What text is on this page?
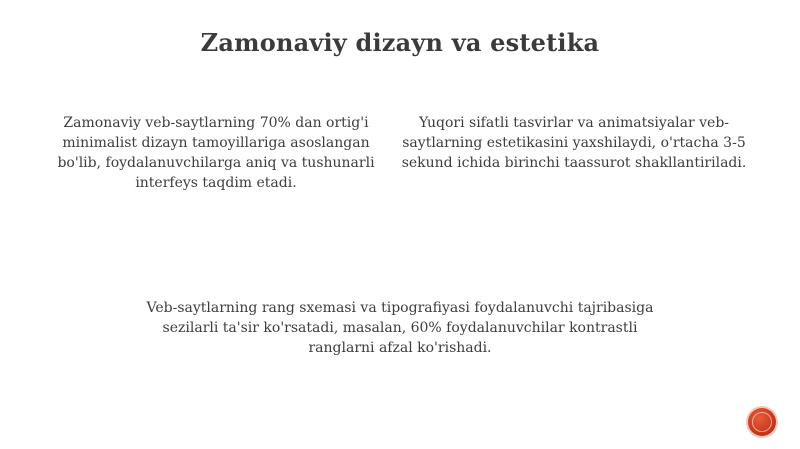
Zamonaviy dizayn va estetika
Zamonaviy veb-saytlarning 70% dan ortig'i minimalist dizayn tamoyillariga asoslangan bo'lib, foydalanuvchilarga aniq va tushunarli interfeys taqdim etadi.
Yuqori sifatli tasvirlar va animatsiyalar veb-saytlarning estetikasini yaxshilaydi, o'rtacha 3-5 sekund ichida birinchi taassurot shakllantiriladi.
Veb-saytlarning rang sxemasi va tipografiyasi foydalanuvchi tajribasiga sezilarli ta'sir ko'rsatadi, masalan, 60% foydalanuvchilar kontrastli ranglarni afzal ko'rishadi.
